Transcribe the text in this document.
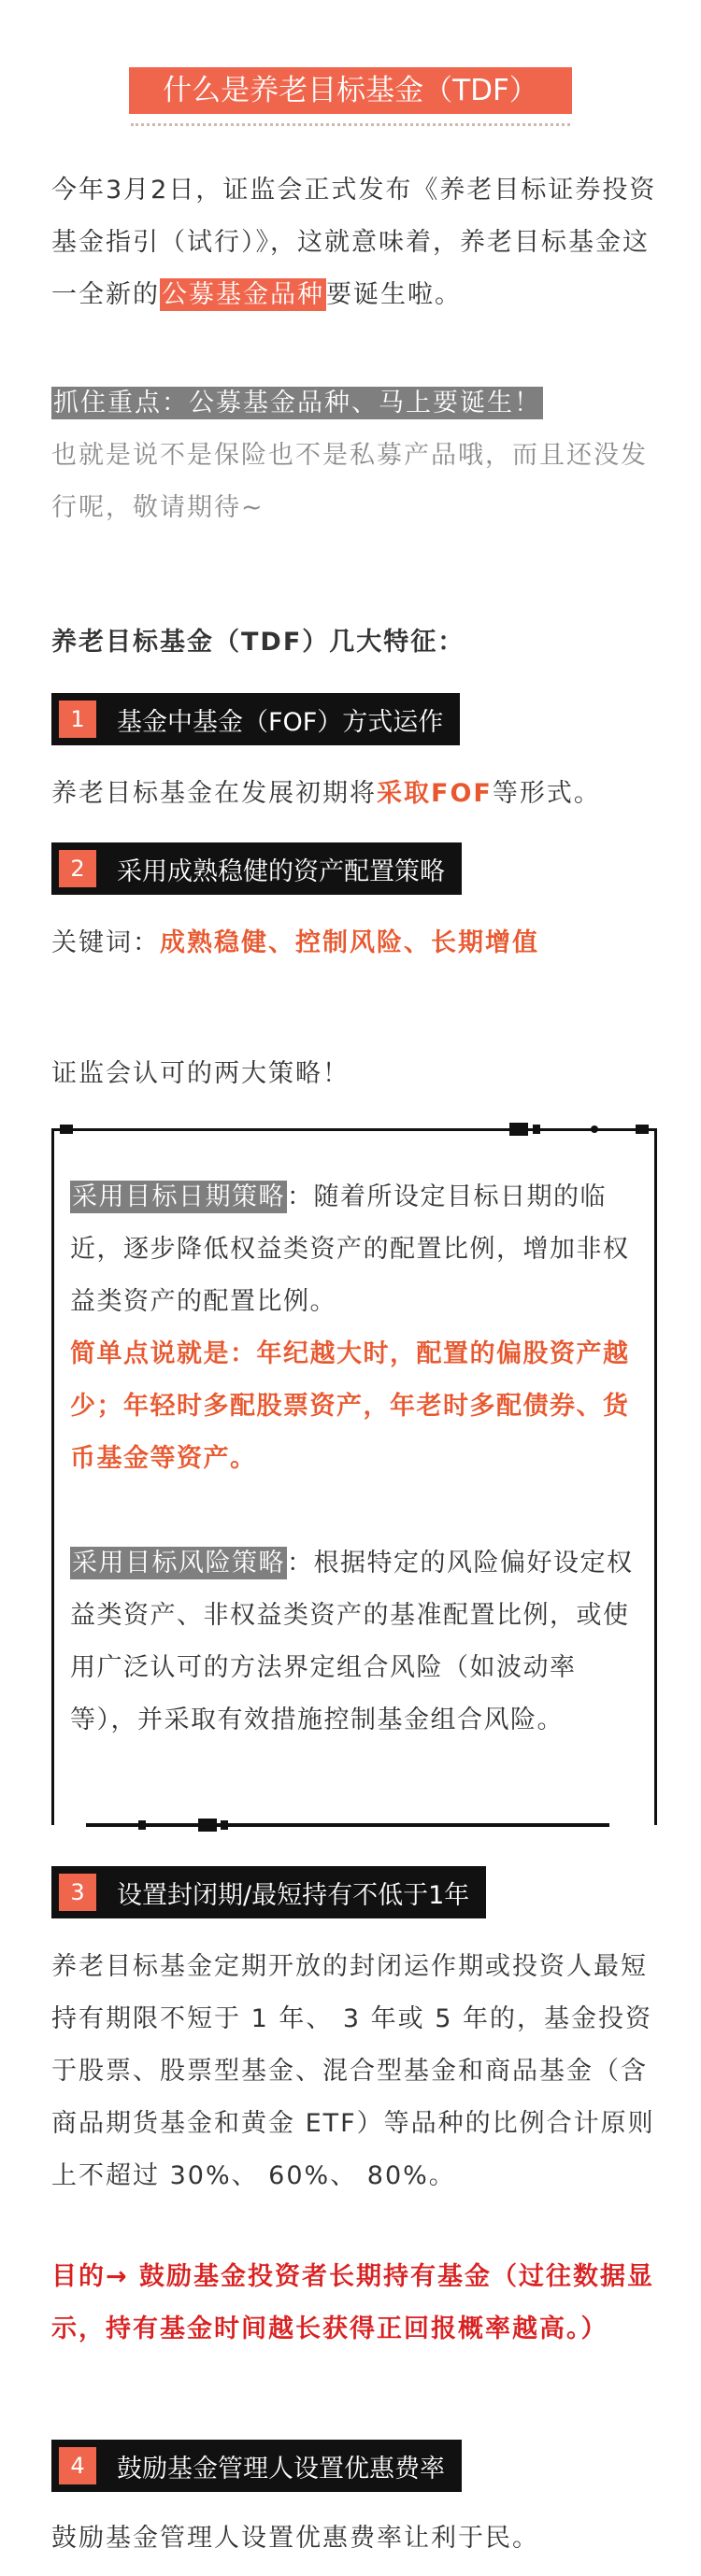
什么是养老目标基金（TDF）

今年3月2日，证监会正式发布《养老目标证券投资基金指引（试行）》，这就意味着，养老目标基金这一全新的公募基金品种要诞生啦。

抓住重点：公募基金品种、马上要诞生！
也就是说不是保险也不是私募产品哦，而且还没发行呢，敬请期待~

养老目标基金（TDF）几大特征：

1	基金中基金（FOF）方式运作

养老目标基金在发展初期将采取FOF等形式。

2	采用成熟稳健的资产配置策略

关键词：成熟稳健、控制风险、长期增值

证监会认可的两大策略！

采用目标日期策略：随着所设定目标日期的临近，逐步降低权益类资产的配置比例，增加非权益类资产的配置比例。

简单点说就是：年纪越大时，配置的偏股资产越少；年轻时多配股票资产，年老时多配债券、货币基金等资产。

采用目标风险策略：根据特定的风险偏好设定权益类资产、非权益类资产的基准配置比例，或使用广泛认可的方法界定组合风险（如波动率等），并采取有效措施控制基金组合风险。

3	设置封闭期/最短持有不低于1年

养老目标基金定期开放的封闭运作期或投资人最短持有期限不短于 1 年、 3 年或 5 年的，基金投资于股票、股票型基金、混合型基金和商品基金（含商品期货基金和黄金 ETF）等品种的比例合计原则上不超过 30%、 60%、 80%。

目的→ 鼓励基金投资者长期持有基金（过往数据显示，持有基金时间越长获得正回报概率越高。）

4	鼓励基金管理人设置优惠费率

鼓励基金管理人设置优惠费率让利于民。
